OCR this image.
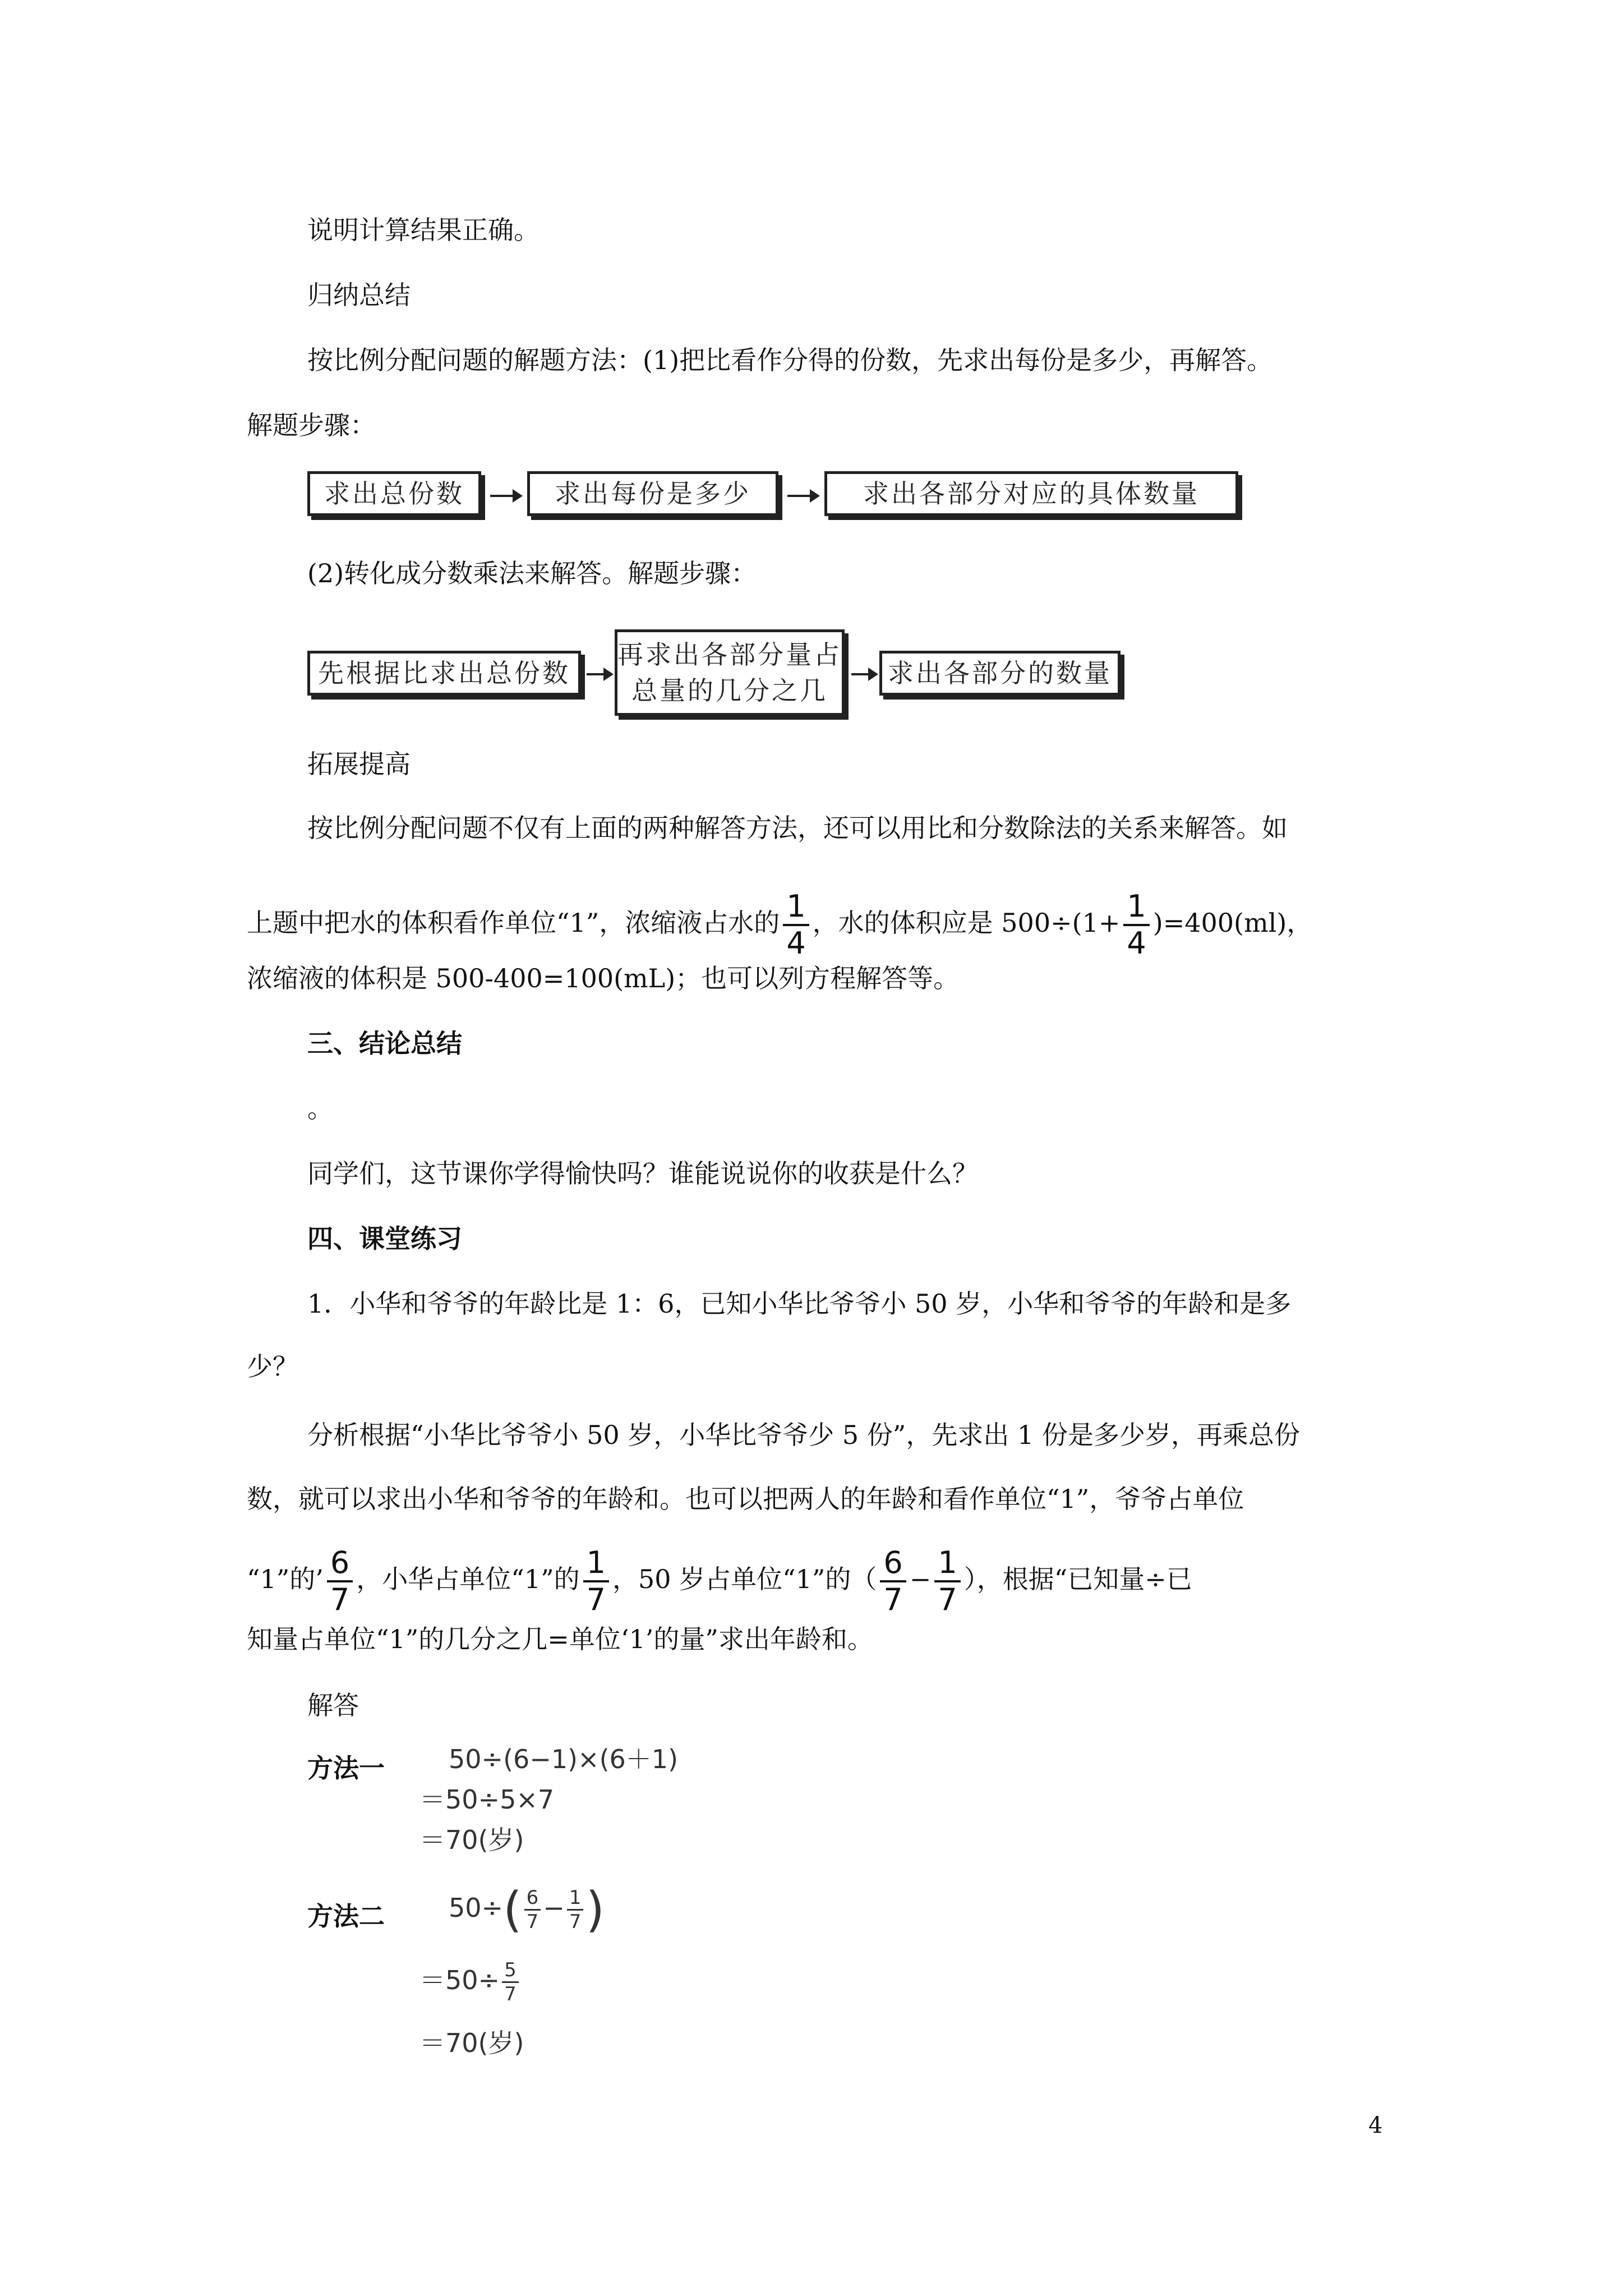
说明计算结果正确。
归纳总结
按比例分配问题的解题方法：(1)把比看作分得的份数，先求出每份是多少，再解答。
解题步骤：
求出总份数	求出每份是多少	求出各部分对应的具体数量
(2)转化成分数乘法来解答。解题步骤：
先根据比求出总份数
再求出各部分量占总量的几分之几
求出各部分的数量
拓展提高
按比例分配问题不仅有上面的两种解答方法，还可以用比和分数除法的关系来解答。如
上题中把水的体积看作单位“1”，浓缩液占水的 $\frac{1}{4}$ ，水的体积应是 $500\div(1+ \frac{1}{4} )=400(ml)$，
浓缩液的体积是 500-400=100(mL)；也可以列方程解答等。
三、结论总结
。
同学们，这节课你学得愉快吗？谁能说说你的收获是什么？
四、课堂练习
1．小华和爷爷的年龄比是 1：6，已知小华比爷爷小 50 岁，小华和爷爷的年龄和是多
少？
分析根据“小华比爷爷小 50 岁，小华比爷爷少 5 份”，先求出 1 份是多少岁，再乘总份
数，就可以求出小华和爷爷的年龄和。也可以把两人的年龄和看作单位“1”，爷爷占单位
“1”的’ $\frac{6}{7}$ ，小华占单位“1”的 $\frac{1}{7}$ ，50 岁占单位“1”的（ $\frac{6}{7} - \frac{1}{7}$ ），根据“已知量÷已
知量占单位“1”的几分之几=单位‘1’的量”求出年龄和。
解答
方法一 50÷(6−1)×(6＋1)
＝50÷5×7
＝70(岁)
方法二 $50\div( \frac{6}{7} - \frac{1}{7}$ )
$=50\div \frac{5}{7}$
＝70(岁)
4
